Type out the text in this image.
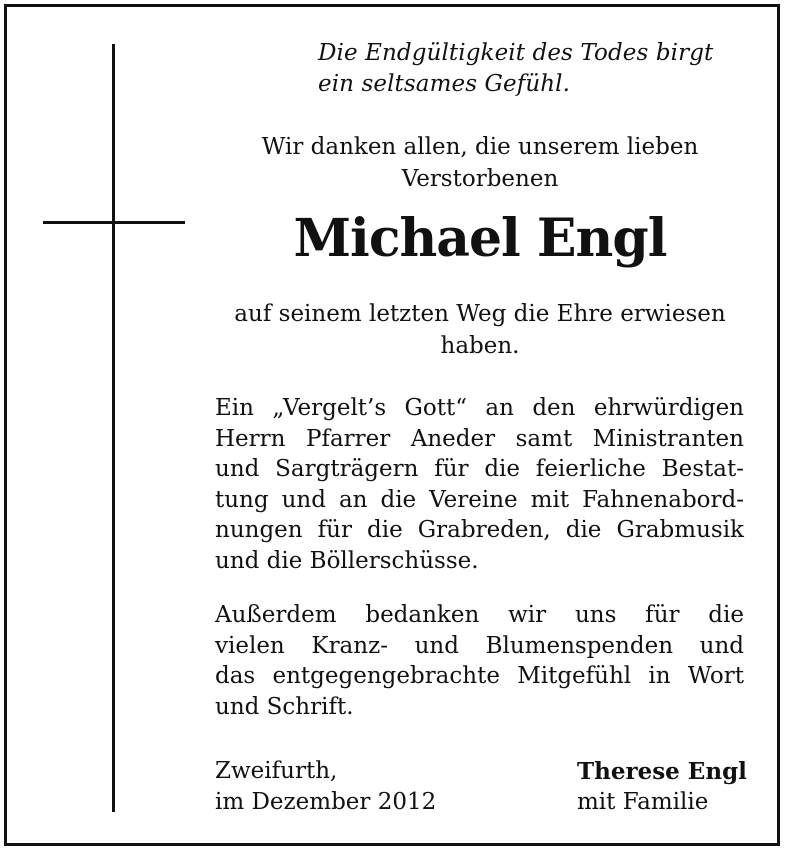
Die Endgültigkeit des Todes birgt
ein seltsames Gefühl.
Wir danken allen, die unserem lieben
Verstorbenen
Michael Engl
auf seinem letzten Weg die Ehre erwiesen
haben.
Ein „Vergelt’s Gott“ an den ehrwürdigen
Herrn Pfarrer Aneder samt Ministranten
und Sargträgern für die feierliche Bestat-
tung und an die Vereine mit Fahnenabord-
nungen für die Grabreden, die Grabmusik
und die Böllerschüsse.
Außerdem bedanken wir uns für die
vielen Kranz- und Blumenspenden und
das entgegengebrachte Mitgefühl in Wort
und Schrift.
Zweifurth,
im Dezember 2012
Therese Engl
mit Familie
